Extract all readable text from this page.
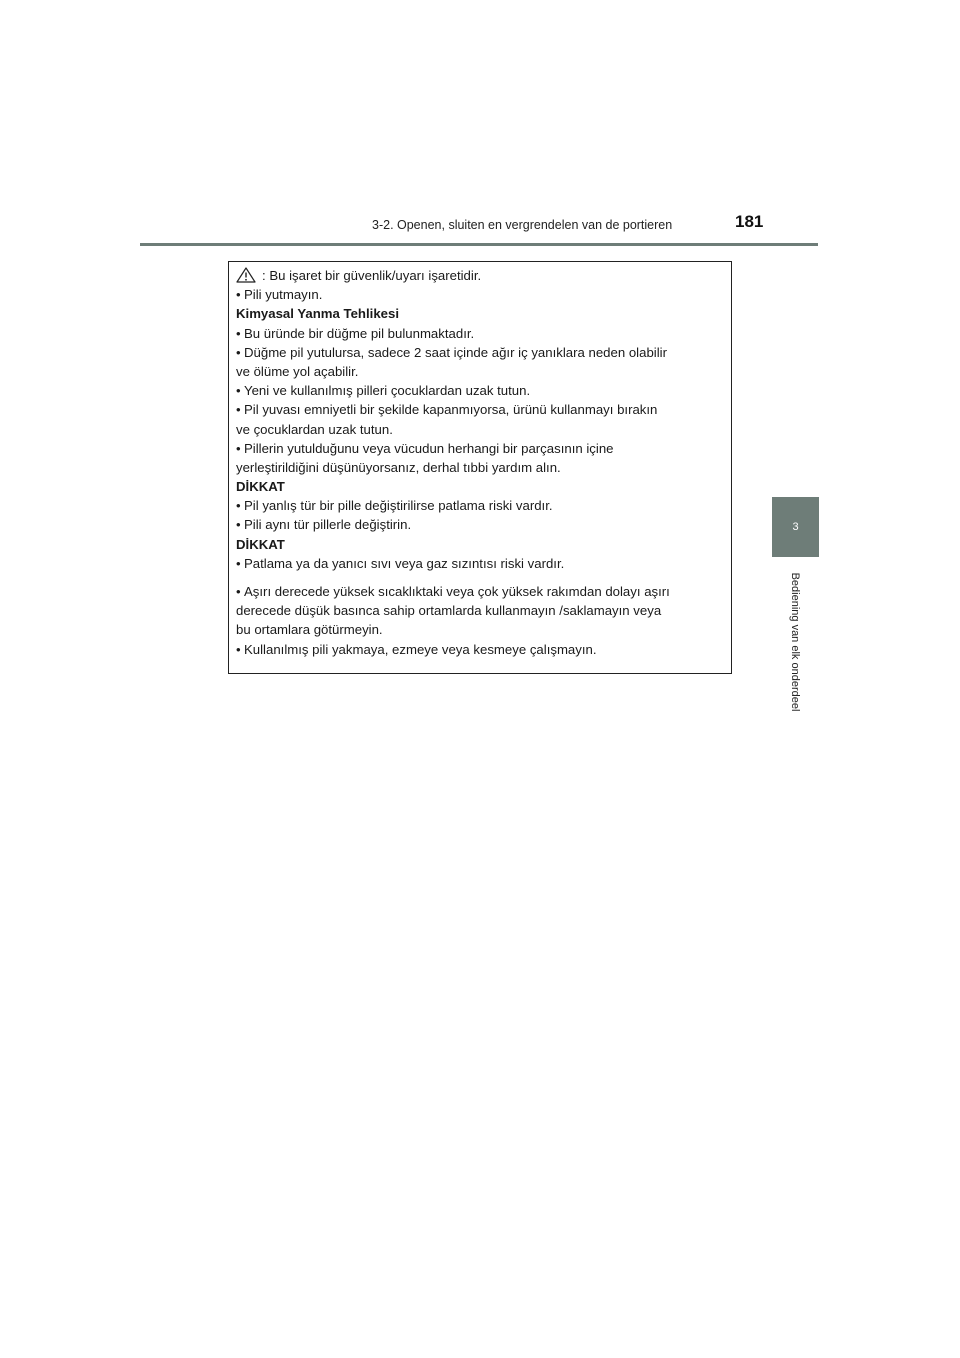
3-2. Openen, sluiten en vergrendelen van de portieren	181
3
Bediening van elk onderdeel
: Bu işaret bir güvenlik/uyarı işaretidir.
• Pili yutmayın.
Kimyasal Yanma Tehlikesi
• Bu üründe bir düğme pil bulunmaktadır.
• Düğme pil yutulursa, sadece 2 saat içinde ağır iç yanıklara neden olabilir
ve ölüme yol açabilir.
• Yeni ve kullanılmış pilleri çocuklardan uzak tutun.
• Pil yuvası emniyetli bir şekilde kapanmıyorsa, ürünü kullanmayı bırakın
ve çocuklardan uzak tutun.
• Pillerin yutulduğunu veya vücudun herhangi bir parçasının içine
yerleştirildiğini düşünüyorsanız, derhal tıbbi yardım alın.
DİKKAT
• Pil yanlış tür bir pille değiştirilirse patlama riski vardır.
• Pili aynı tür pillerle değiştirin.
DİKKAT
• Patlama ya da yanıcı sıvı veya gaz sızıntısı riski vardır.
• Aşırı derecede yüksek sıcaklıktaki veya çok yüksek rakımdan dolayı aşırı
derecede düşük basınca sahip ortamlarda kullanmayın /saklamayın veya
bu ortamlara götürmeyin.
• Kullanılmış pili yakmaya, ezmeye veya kesmeye çalışmayın.
